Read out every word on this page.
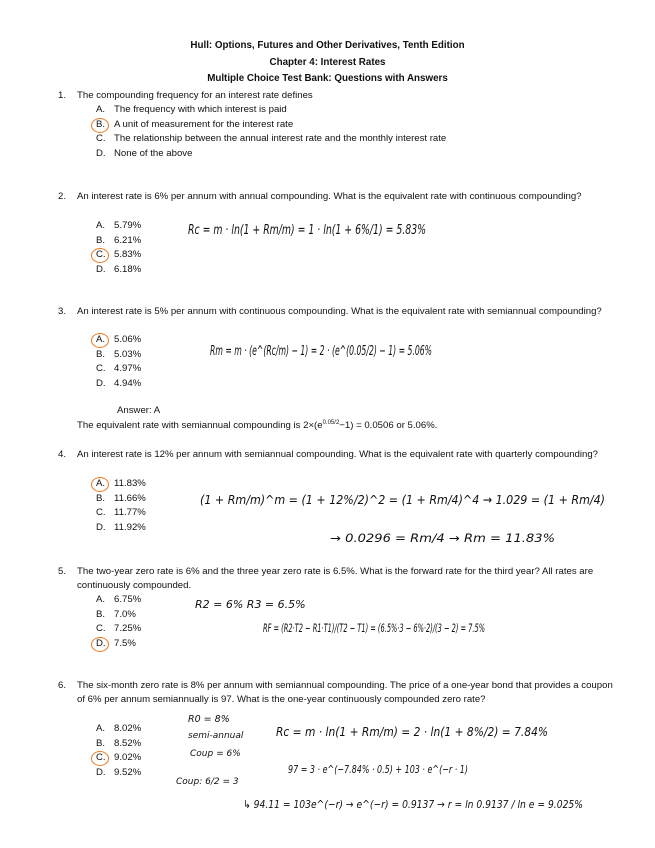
Hull: Options, Futures and Other Derivatives, Tenth Edition
Chapter 4: Interest Rates
Multiple Choice Test Bank: Questions with Answers
1.	The compounding frequency for an interest rate defines
A. The frequency with which interest is paid
B. A unit of measurement for the interest rate
C. The relationship between the annual interest rate and the monthly interest rate
D. None of the above
2.	An interest rate is 6% per annum with annual compounding. What is the equivalent rate with continuous compounding?
A. 5.79%
B. 6.21%
C. 5.83%
D. 6.18%
Rc = m · ln(1 + Rm/m) = 1 · ln(1 + 6%/1) = 5.83%
3.	An interest rate is 5% per annum with continuous compounding. What is the equivalent rate with semiannual compounding?
A. 5.06%
B. 5.03%
C. 4.97%
D. 4.94%
Rm = m · (e^(Rc/m) − 1) = 2 · (e^(0.05/2) − 1) = 5.06%
Answer: A
The equivalent rate with semiannual compounding is $2\times(e^{0.05/2}-1) = 0.0506$ or 5.06%.
4.	An interest rate is 12% per annum with semiannual compounding. What is the equivalent rate with quarterly compounding?
A. 11.83%
B. 11.66%
C. 11.77%
D. 11.92%
(1 + Rm/m)^m = (1 + 12%/2)^2 = (1 + Rm/4)^4 → 1.029 = (1 + Rm/4)
→ 0.0296 = Rm/4 → Rm = 11.83%
5.	The two-year zero rate is 6% and the three year zero rate is 6.5%. What is the forward rate for the third year? All rates are continuously compounded.
A. 6.75%
B. 7.0%
C. 7.25%
D. 7.5%
R2 = 6% R3 = 6.5%
RF = (R2·T2 − R1·T1)/(T2 − T1) = (6.5%·3 − 6%·2)/(3 − 2) = 7.5%
6.	The six-month zero rate is 8% per annum with semiannual compounding. The price of a one-year bond that provides a coupon of 6% per annum semiannually is 97. What is the one-year continuously compounded zero rate?
A. 8.02%
B. 8.52%
C. 9.02%
D. 9.52%
R0 = 8%
semi-annual
Coup = 6%
Coup: 6/2 = 3
Rc = m · ln(1 + Rm/m) = 2 · ln(1 + 8%/2) = 7.84%
97 = 3 · e^(−7.84% · 0.5) + 103 · e^(−r · 1)
↳ 94.11 = 103e^(−r) → e^(−r) = 0.9137 → r = ln 0.9137 / ln e = 9.025%
